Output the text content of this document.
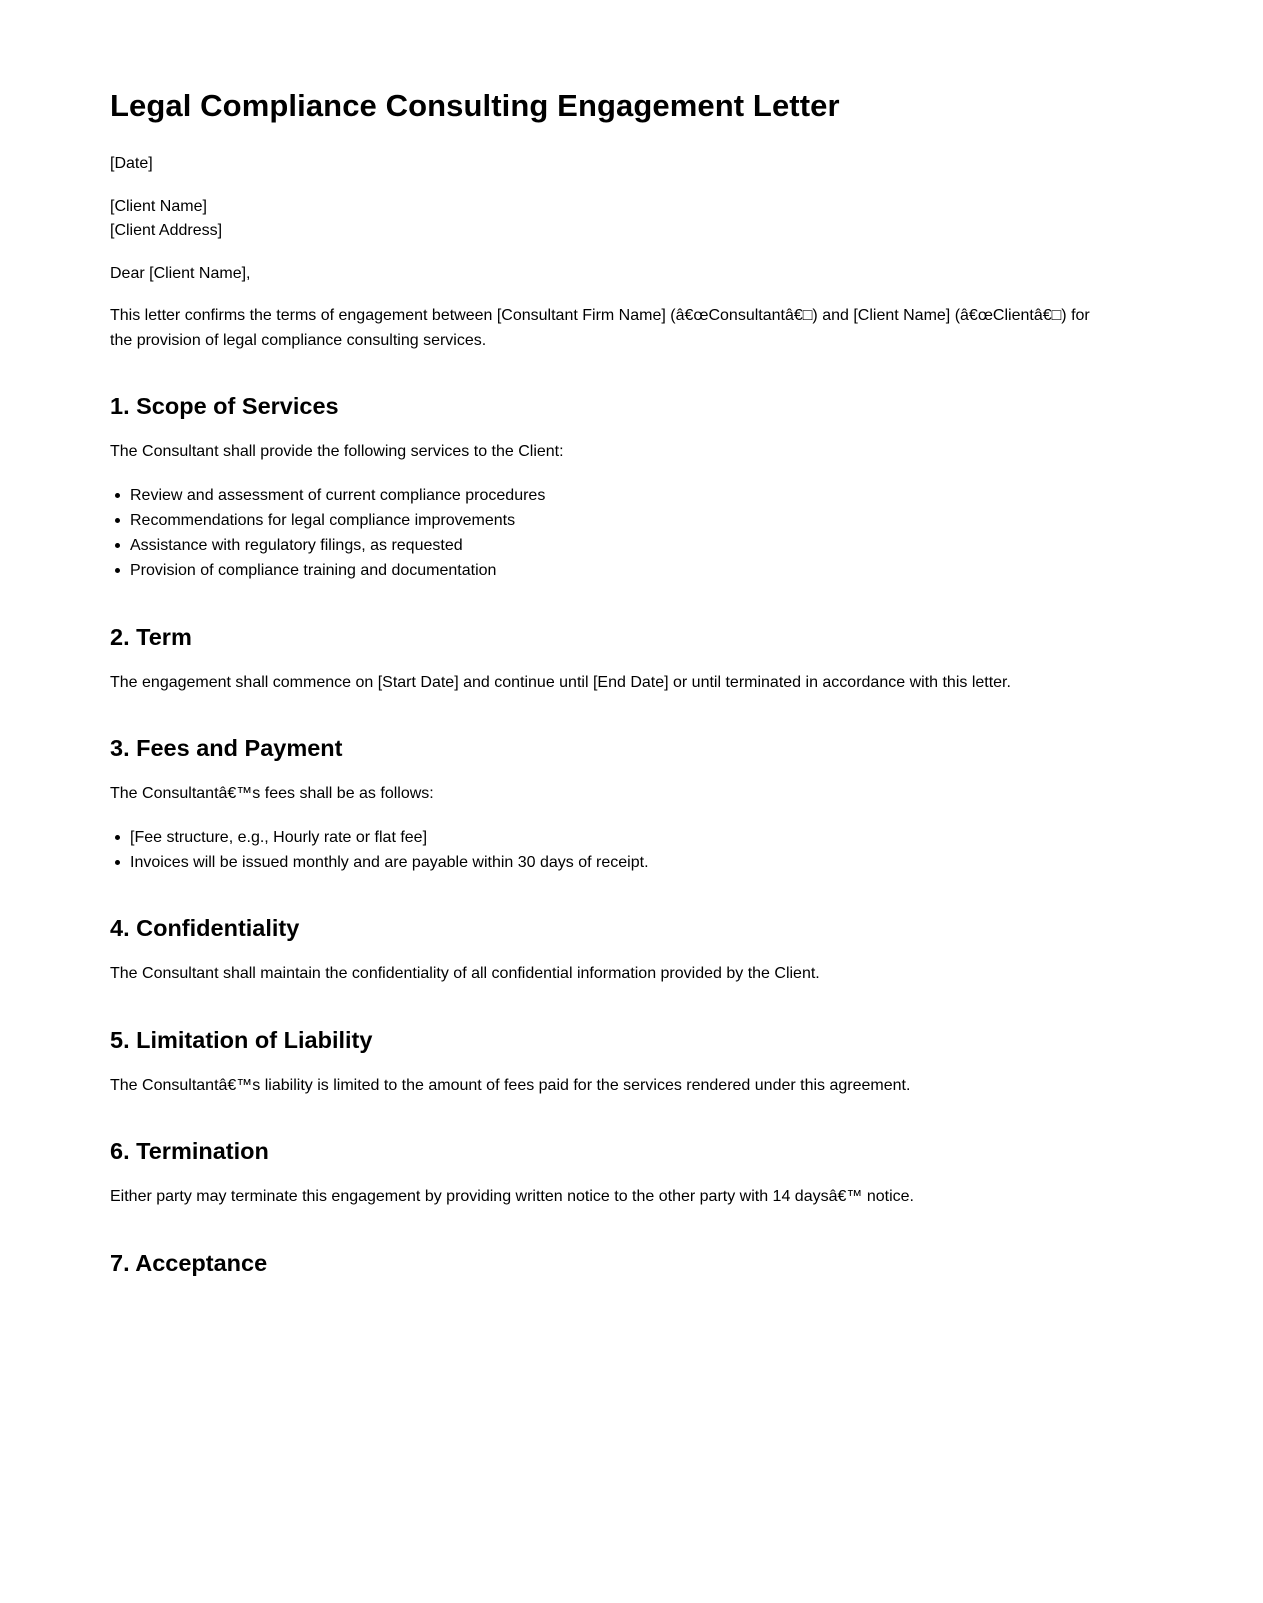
Legal Compliance Consulting Engagement Letter

[Date]

[Client Name]
[Client Address]

Dear [Client Name],

This letter confirms the terms of engagement between [Consultant Firm Name] (â€œConsultantâ€□) and [Client Name] (â€œClientâ€□) for the provision of legal compliance consulting services.

1. Scope of Services

The Consultant shall provide the following services to the Client:

Review and assessment of current compliance procedures
Recommendations for legal compliance improvements
Assistance with regulatory filings, as requested
Provision of compliance training and documentation
2. Term

The engagement shall commence on [Start Date] and continue until [End Date] or until terminated in accordance with this letter.

3. Fees and Payment

The Consultantâ€™s fees shall be as follows:

[Fee structure, e.g., Hourly rate or flat fee]
Invoices will be issued monthly and are payable within 30 days of receipt.
4. Confidentiality

The Consultant shall maintain the confidentiality of all confidential information provided by the Client.

5. Limitation of Liability

The Consultantâ€™s liability is limited to the amount of fees paid for the services rendered under this agreement.

6. Termination

Either party may terminate this engagement by providing written notice to the other party with 14 daysâ€™ notice.

7. Acceptance
